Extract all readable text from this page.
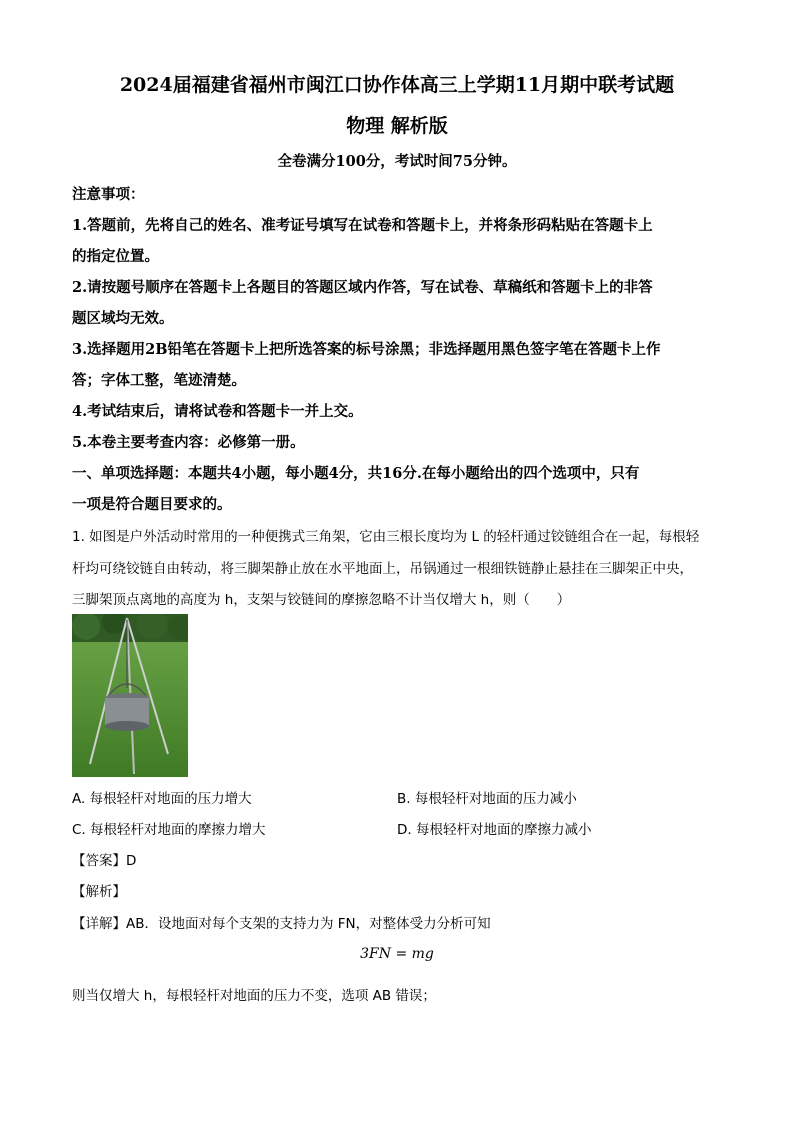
2024届福建省福州市闽江口协作体高三上学期11月期中联考试题
物理 解析版
全卷满分100分，考试时间75分钟。
注意事项：
1.答题前，先将自己的姓名、准考证号填写在试卷和答题卡上，并将条形码粘贴在答题卡上
的指定位置。
2.请按题号顺序在答题卡上各题目的答题区域内作答，写在试卷、草稿纸和答题卡上的非答
题区域均无效。
3.选择题用2B铅笔在答题卡上把所选答案的标号涂黑；非选择题用黑色签字笔在答题卡上作
答；字体工整，笔迹清楚。
4.考试结束后，请将试卷和答题卡一并上交。
5.本卷主要考查内容：必修第一册。
一、单项选择题：本题共4小题，每小题4分，共16分.在每小题给出的四个选项中，只有
一项是符合题目要求的。
1. 如图是户外活动时常用的一种便携式三角架，它由三根长度均为 L 的轻杆通过铰链组合在一起，每根轻
杆均可绕铰链自由转动，将三脚架静止放在水平地面上，吊锅通过一根细铁链静止悬挂在三脚架正中央，
三脚架顶点离地的高度为 h，支架与铰链间的摩擦忽略不计当仅增大 h，则（　　）
A. 每根轻杆对地面的压力增大	B. 每根轻杆对地面的压力减小
C. 每根轻杆对地面的摩擦力增大	D. 每根轻杆对地面的摩擦力减小
【答案】D
【解析】
【详解】AB．设地面对每个支架的支持力为 FN，对整体受力分析可知
3FN = mg
则当仅增大 h，每根轻杆对地面的压力不变，选项 AB 错误；
